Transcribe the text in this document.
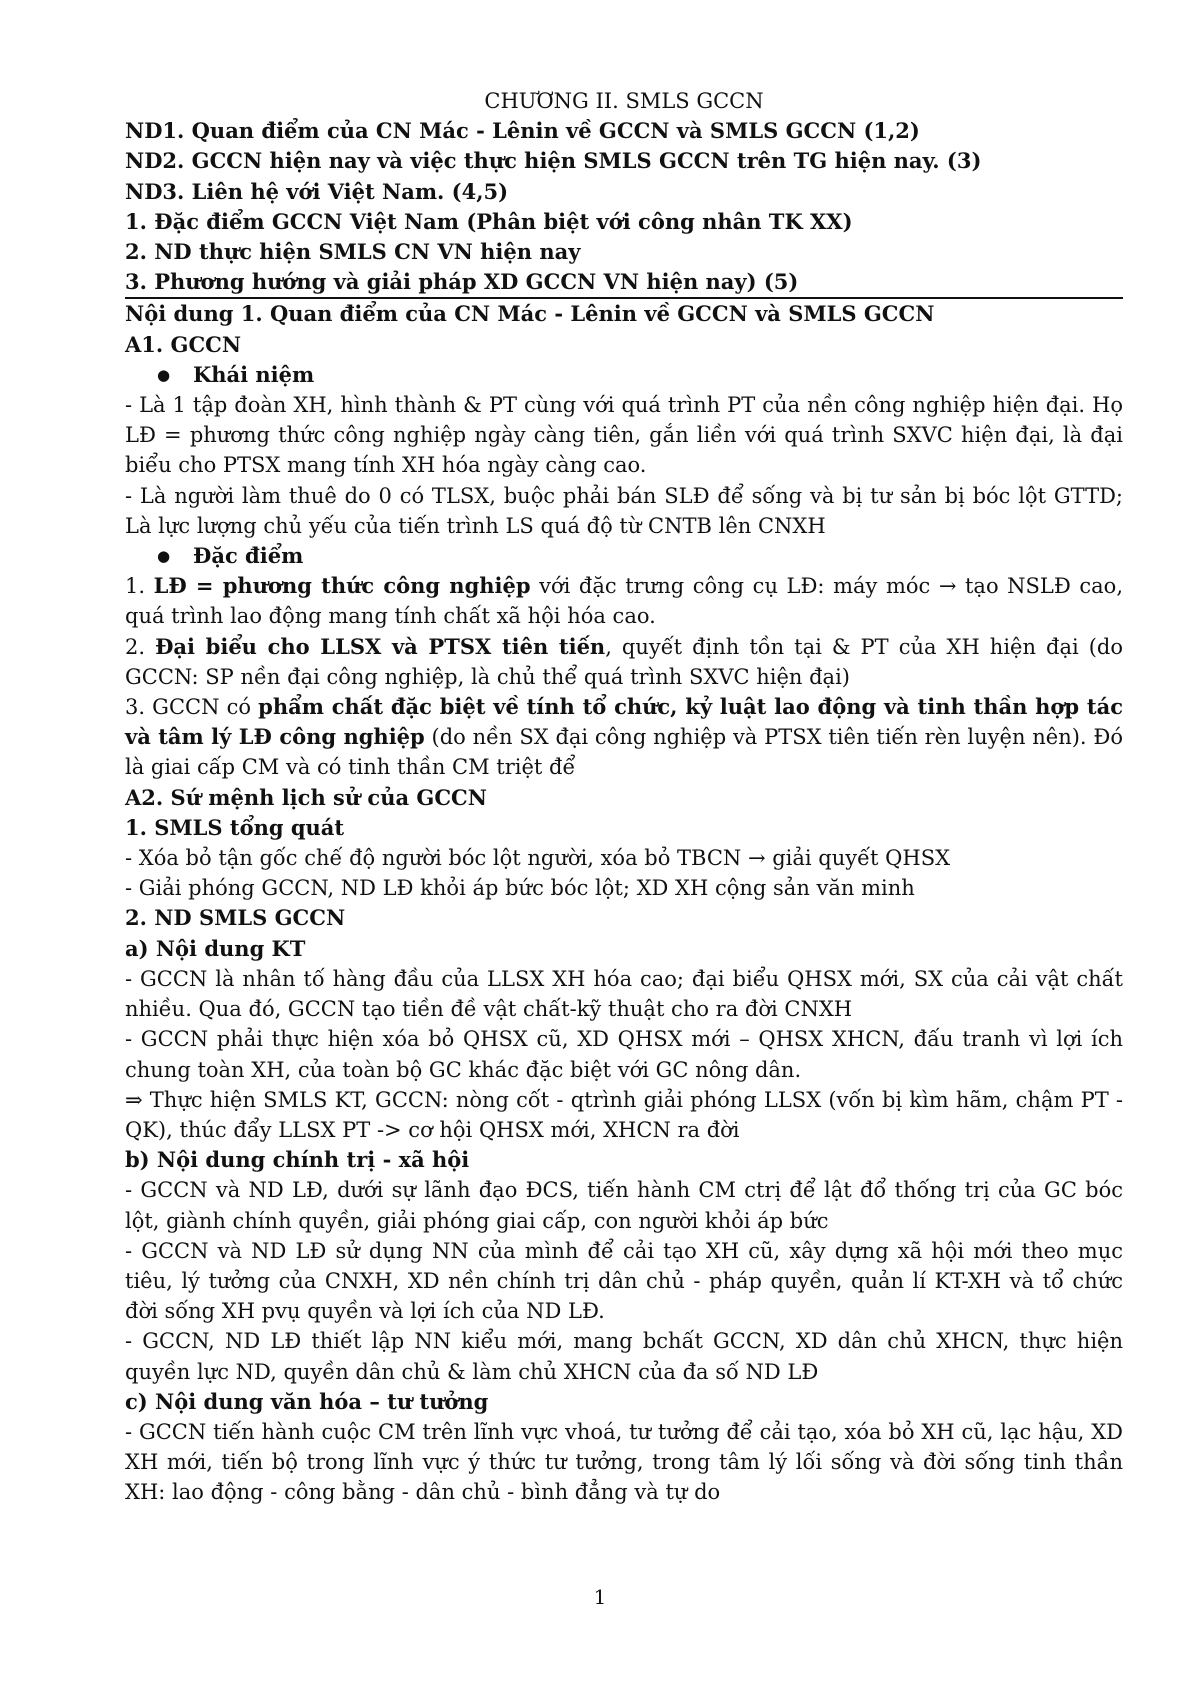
CHƯƠNG II. SMLS GCCN

ND1. Quan điểm của CN Mác - Lênin về GCCN và SMLS GCCN (1,2)

ND2. GCCN hiện nay và việc thực hiện SMLS GCCN trên TG hiện nay. (3)

ND3. Liên hệ với Việt Nam. (4,5)

1. Đặc điểm GCCN Việt Nam (Phân biệt với công nhân TK XX)

2. ND thực hiện SMLS CN VN hiện nay

3. Phương hướng và giải pháp XD GCCN VN hiện nay) (5)

Nội dung 1. Quan điểm của CN Mác - Lênin về GCCN và SMLS GCCN

A1. GCCN

●	Khái niệm

- Là 1 tập đoàn XH, hình thành & PT cùng với quá trình PT của nền công nghiệp hiện đại. Họ LĐ = phương thức công nghiệp ngày càng tiên, gắn liền với quá trình SXVC hiện đại, là đại biểu cho PTSX mang tính XH hóa ngày càng cao.

- Là người làm thuê do 0 có TLSX, buộc phải bán SLĐ để sống và bị tư sản bị bóc lột GTTD; Là lực lượng chủ yếu của tiến trình LS quá độ từ CNTB lên CNXH

●	Đặc điểm

1. LĐ = phương thức công nghiệp với đặc trưng công cụ LĐ: máy móc → tạo NSLĐ cao, quá trình lao động mang tính chất xã hội hóa cao.

2. Đại biểu cho LLSX và PTSX tiên tiến, quyết định tồn tại & PT của XH hiện đại (do GCCN: SP nền đại công nghiệp, là chủ thể quá trình SXVC hiện đại)

3. GCCN có phẩm chất đặc biệt về tính tổ chức, kỷ luật lao động và tinh thần hợp tác và tâm lý LĐ công nghiệp (do nền SX đại công nghiệp và PTSX tiên tiến rèn luyện nên). Đó là giai cấp CM và có tinh thần CM triệt để

A2. Sứ mệnh lịch sử của GCCN

1. SMLS tổng quát

- Xóa bỏ tận gốc chế độ người bóc lột người, xóa bỏ TBCN → giải quyết QHSX

- Giải phóng GCCN, ND LĐ khỏi áp bức bóc lột; XD XH cộng sản văn minh

2. ND SMLS GCCN

a) Nội dung KT

- GCCN là nhân tố hàng đầu của LLSX XH hóa cao; đại biểu QHSX mới, SX của cải vật chất nhiều. Qua đó, GCCN tạo tiền đề vật chất-kỹ thuật cho ra đời CNXH

- GCCN phải thực hiện xóa bỏ QHSX cũ, XD QHSX mới – QHSX XHCN, đấu tranh vì lợi ích chung toàn XH, của toàn bộ GC khác đặc biệt với GC nông dân.

⇒ Thực hiện SMLS KT, GCCN: nòng cốt - qtrình giải phóng LLSX (vốn bị kìm hãm, chậm PT - QK), thúc đẩy LLSX PT -> cơ hội QHSX mới, XHCN ra đời

b) Nội dung chính trị - xã hội

- GCCN và ND LĐ, dưới sự lãnh đạo ĐCS, tiến hành CM ctrị để lật đổ thống trị của GC bóc lột, giành chính quyền, giải phóng giai cấp, con người khỏi áp bức

- GCCN và ND LĐ sử dụng NN của mình để cải tạo XH cũ, xây dựng xã hội mới theo mục tiêu, lý tưởng của CNXH, XD nền chính trị dân chủ - pháp quyền, quản lí KT-XH và tổ chức đời sống XH pvụ quyền và lợi ích của ND LĐ.

- GCCN, ND LĐ thiết lập NN kiểu mới, mang bchất GCCN, XD dân chủ XHCN, thực hiện quyền lực ND, quyền dân chủ & làm chủ XHCN của đa số ND LĐ

c) Nội dung văn hóa – tư tưởng

- GCCN tiến hành cuộc CM trên lĩnh vực vhoá, tư tưởng để cải tạo, xóa bỏ XH cũ, lạc hậu, XD XH mới, tiến bộ trong lĩnh vực ý thức tư tưởng, trong tâm lý lối sống và đời sống tinh thần XH: lao động - công bằng - dân chủ - bình đẳng và tự do

1
